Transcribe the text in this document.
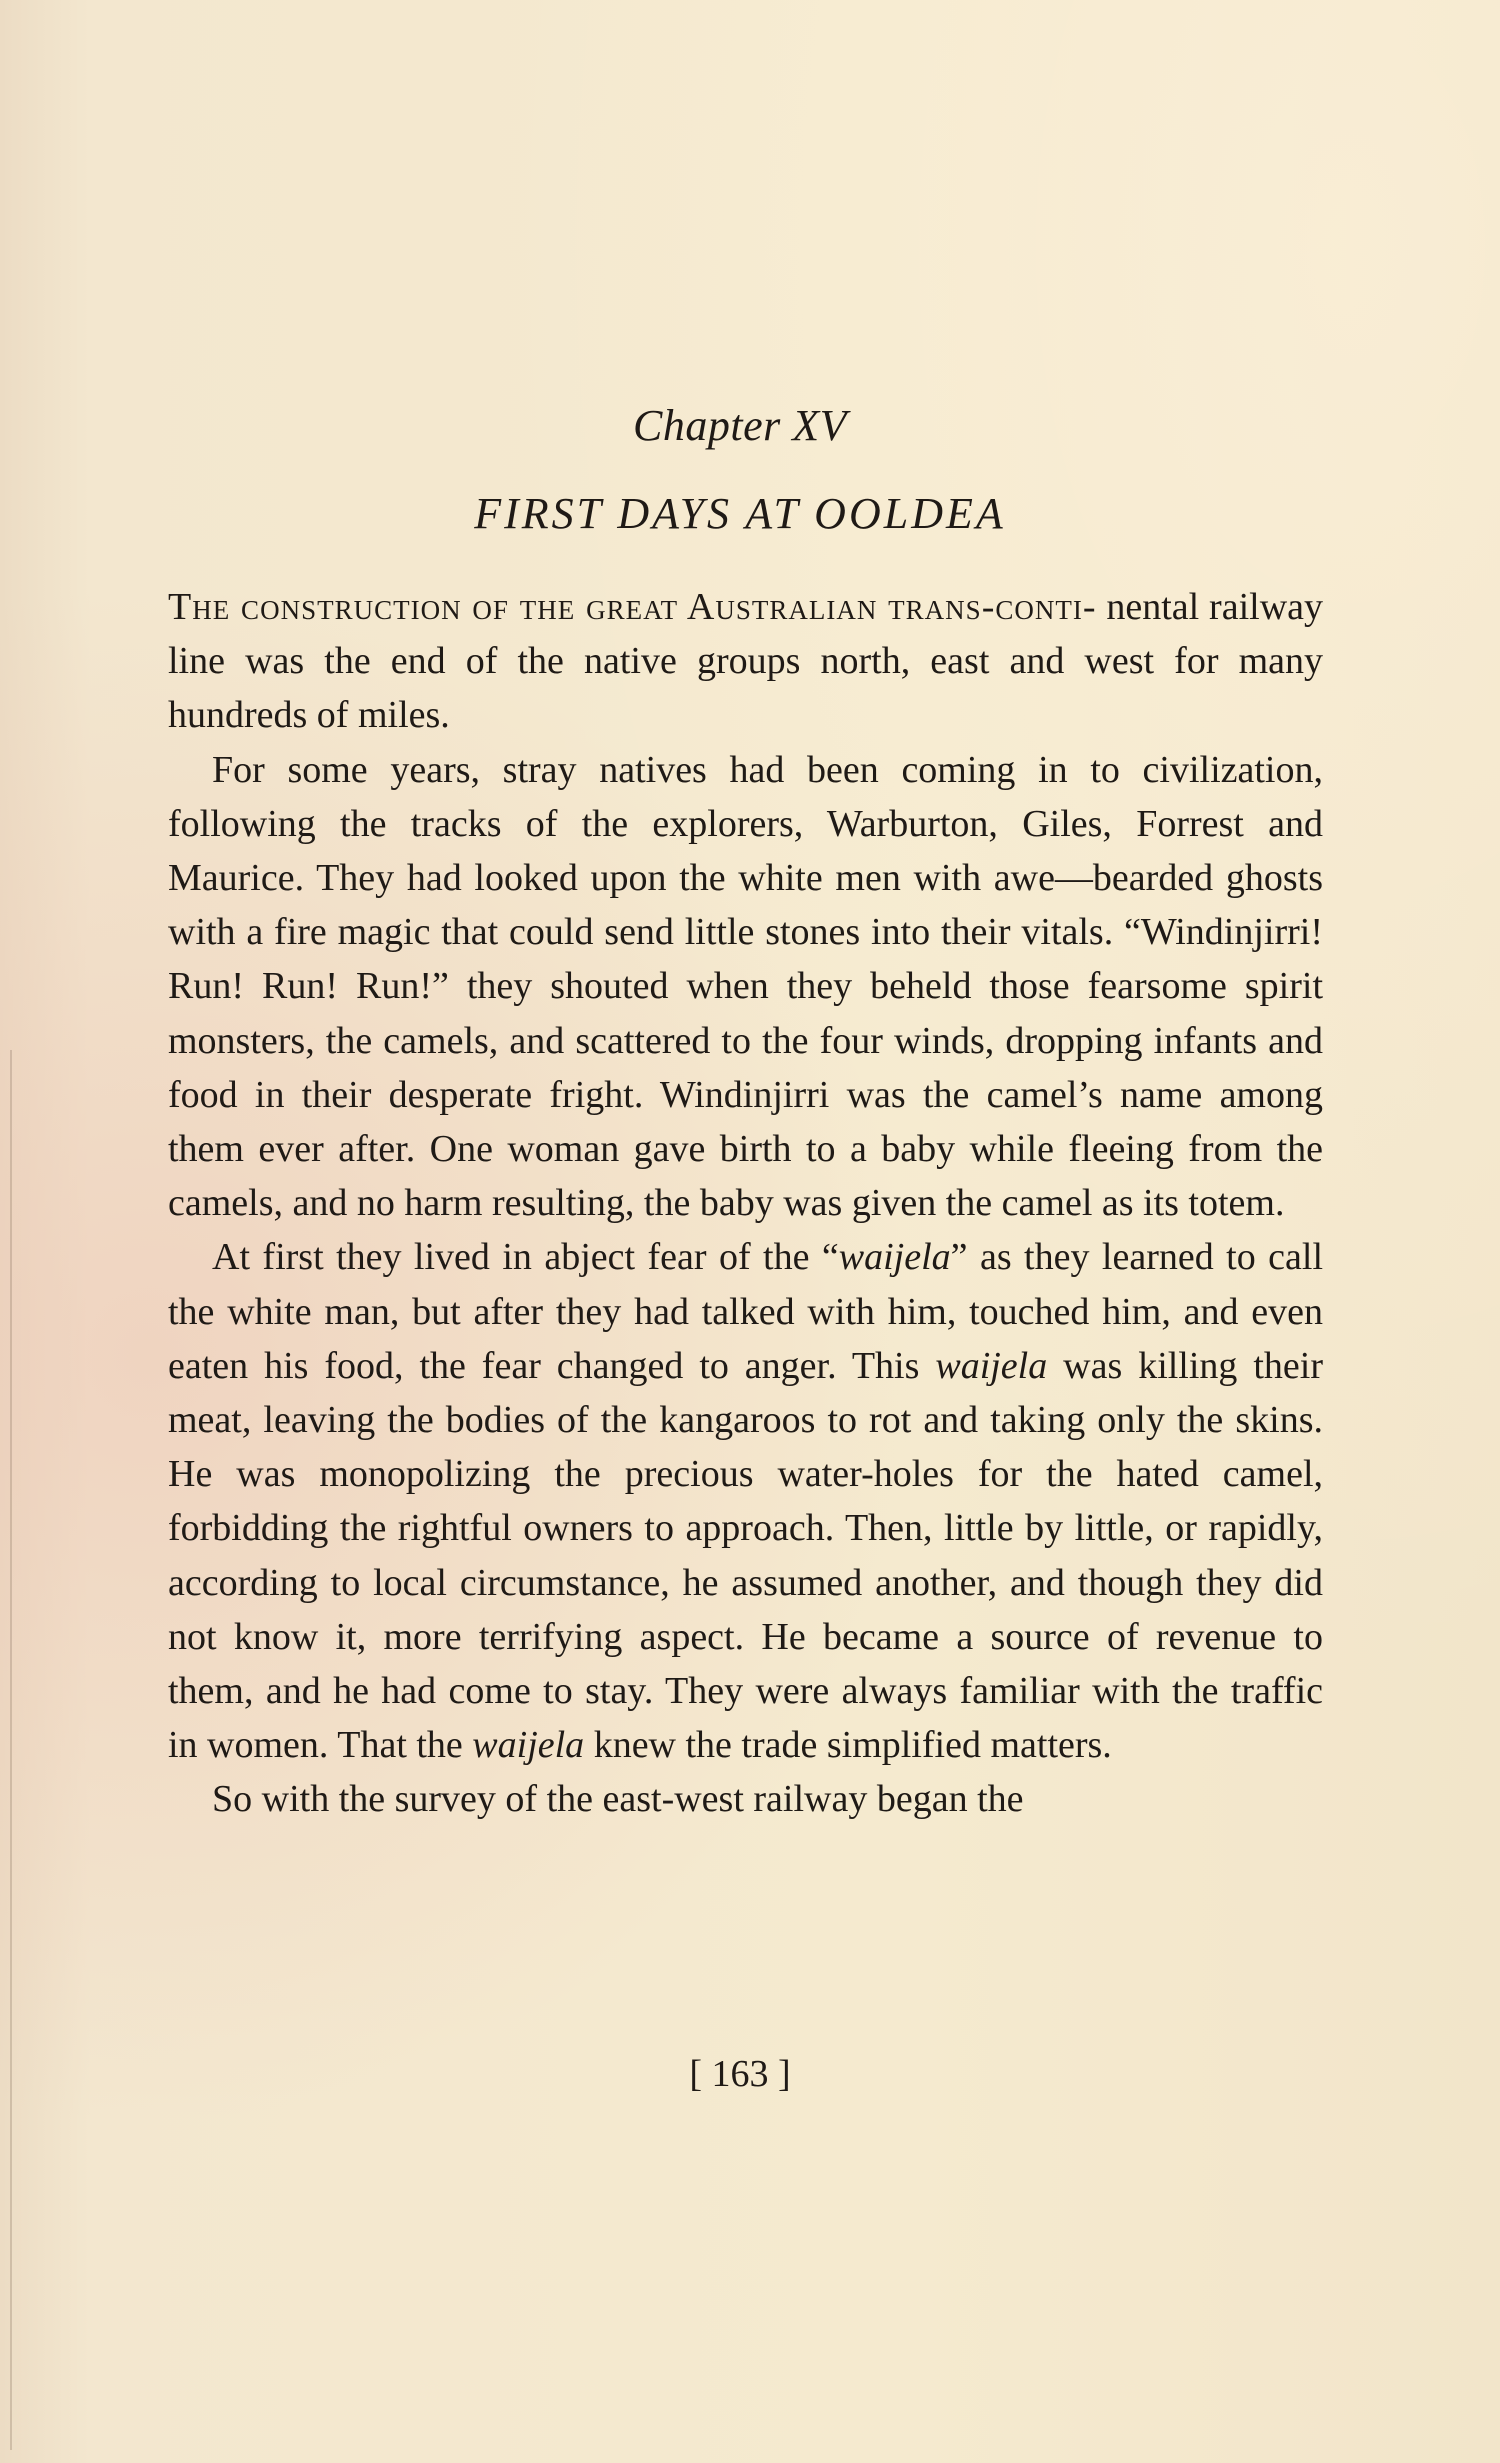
Chapter XV
FIRST DAYS AT OOLDEA

The construction of the great Australian trans-conti- nental railway line was the end of the native groups north, east and west for many hundreds of miles.

For some years, stray natives had been coming in to civilization, following the tracks of the explorers, Warburton, Giles, Forrest and Maurice. They had looked upon the white men with awe—bearded ghosts with a fire magic that could send little stones into their vitals. “Windinjirri! Run! Run! Run!” they shouted when they beheld those fearsome spirit monsters, the camels, and scattered to the four winds, dropping infants and food in their desperate fright. Windinjirri was the camel’s name among them ever after. One woman gave birth to a baby while fleeing from the camels, and no harm resulting, the baby was given the camel as its totem.

At first they lived in abject fear of the “waijela” as they learned to call the white man, but after they had talked with him, touched him, and even eaten his food, the fear changed to anger. This waijela was killing their meat, leaving the bodies of the kangaroos to rot and taking only the skins. He was monopolizing the precious water-holes for the hated camel, forbidding the rightful owners to approach. Then, little by little, or rapidly, according to local circumstance, he assumed another, and though they did not know it, more terrifying aspect. He became a source of revenue to them, and he had come to stay. They were always familiar with the traffic in women. That the waijela knew the trade simplified matters.

So with the survey of the east-west railway began the

[ 163 ]
